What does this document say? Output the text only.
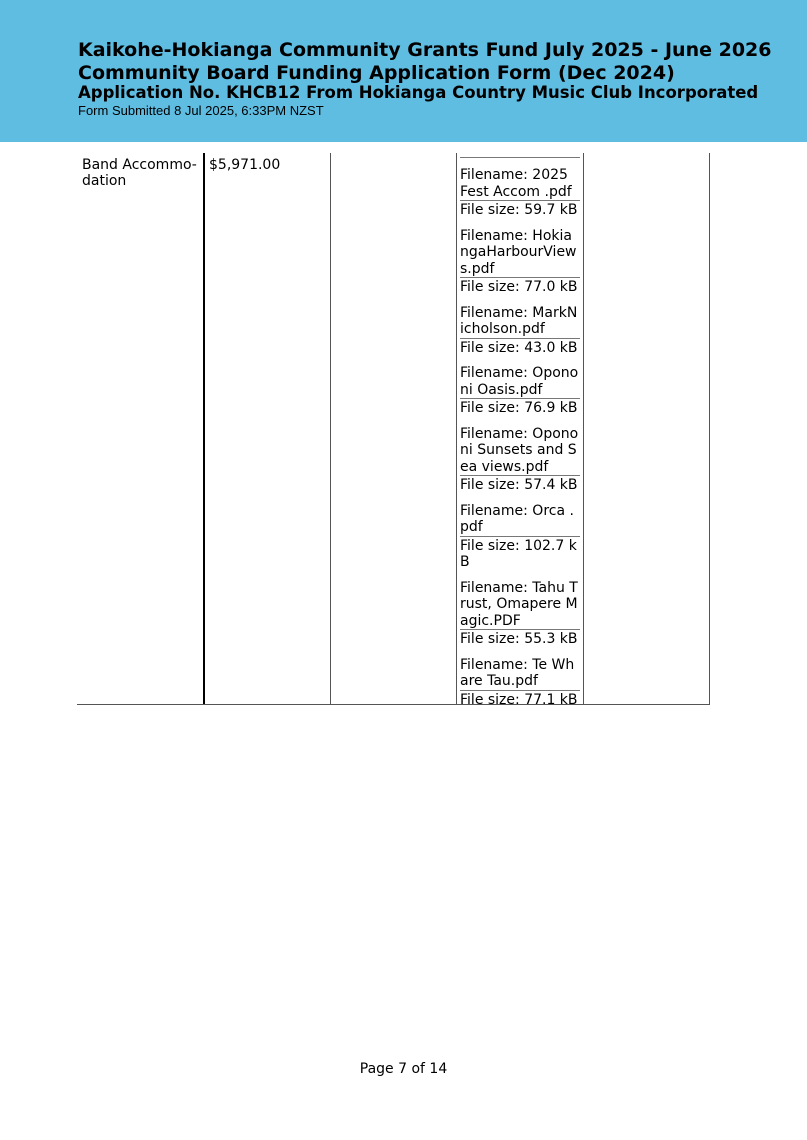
Kaikohe-Hokianga Community Grants Fund July 2025 - June 2026
Community Board Funding Application Form (Dec 2024)
Application No. KHCB12 From Hokianga Country Music Club Incorporated
Form Submitted 8 Jul 2025, 6:33PM NZST
Band Accommo-dation
$5,971.00
Filename: 2025 Fest Accom .pdf
File size: 59.7 kB
Filename: HokiangaHarbourViews.pdf
File size: 77.0 kB
Filename: MarkNicholson.pdf
File size: 43.0 kB
Filename: Opononi Oasis.pdf
File size: 76.9 kB
Filename: Opononi Sunsets and Sea views.pdf
File size: 57.4 kB
Filename: Orca .pdf
File size: 102.7 kB
Filename: Tahu Trust, Omapere Magic.PDF
File size: 55.3 kB
Filename: Te Whare Tau.pdf
File size: 77.1 kB
Page 7 of 14
